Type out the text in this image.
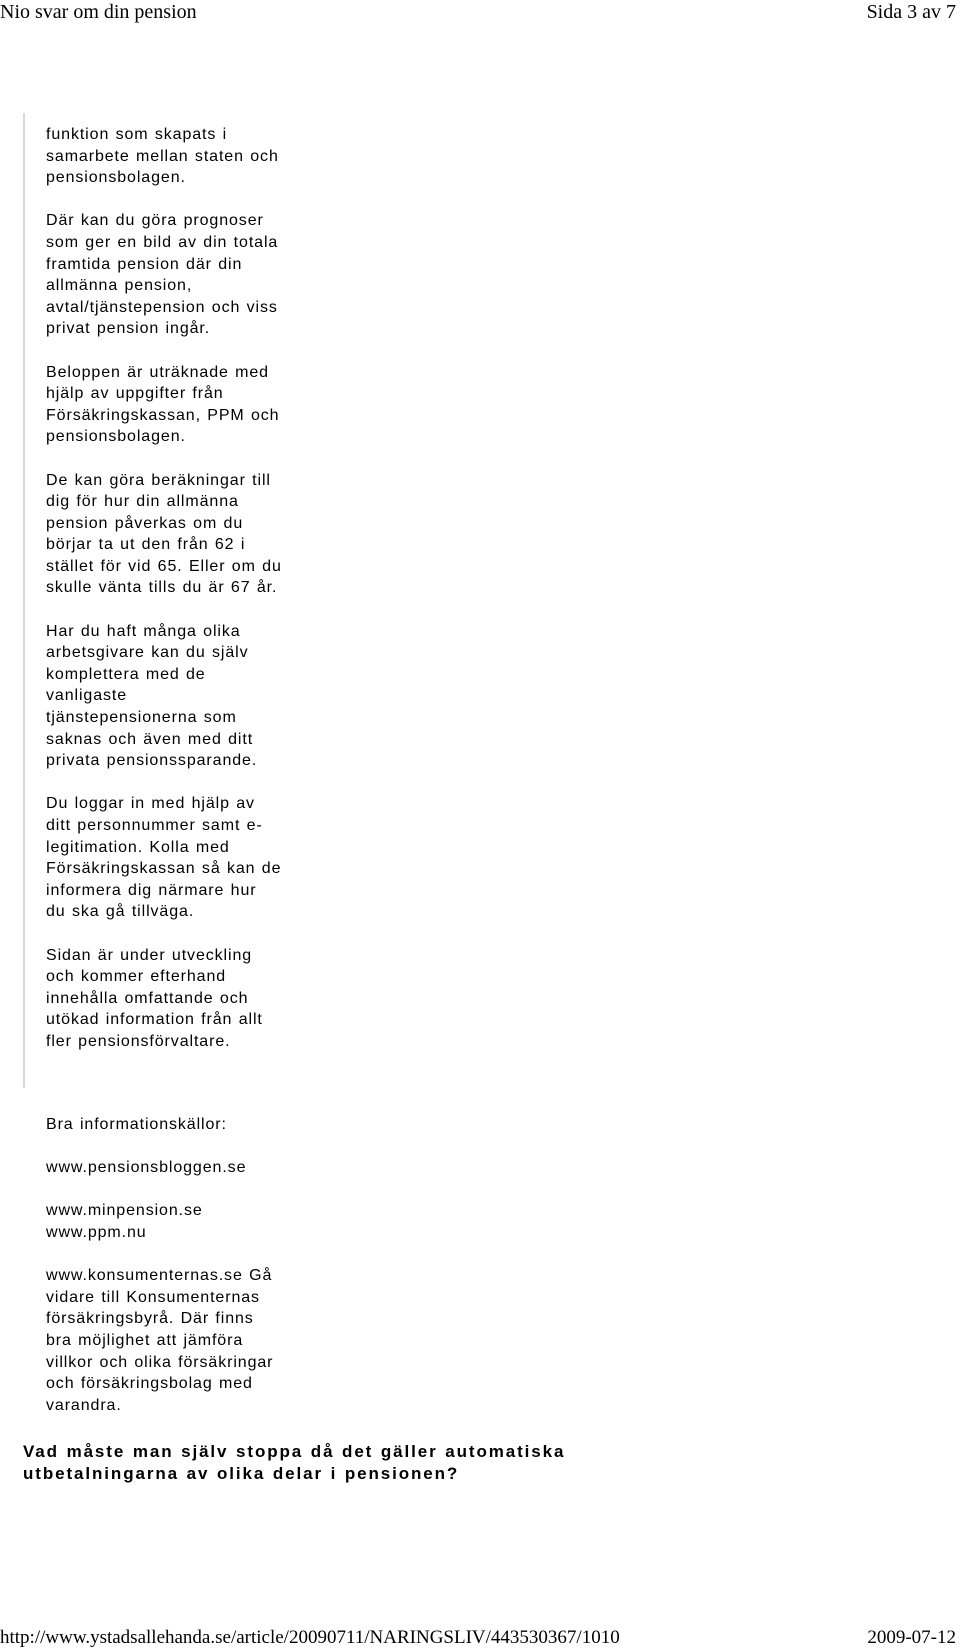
Nio svar om din pension	Sida 3 av 7

funktion som skapats i
samarbete mellan staten och
pensionsbolagen.

Där kan du göra prognoser
som ger en bild av din totala
framtida pension där din
allmänna pension,
avtal/tjänstepension och viss
privat pension ingår.

Beloppen är uträknade med
hjälp av uppgifter från
Försäkringskassan, PPM och
pensionsbolagen.

De kan göra beräkningar till
dig för hur din allmänna
pension påverkas om du
börjar ta ut den från 62 i
stället för vid 65. Eller om du
skulle vänta tills du är 67 år.

Har du haft många olika
arbetsgivare kan du själv
komplettera med de
vanligaste
tjänstepensionerna som
saknas och även med ditt
privata pensionssparande.

Du loggar in med hjälp av
ditt personnummer samt e-
legitimation. Kolla med
Försäkringskassan så kan de
informera dig närmare hur
du ska gå tillväga.

Sidan är under utveckling
och kommer efterhand
innehålla omfattande och
utökad information från allt
fler pensionsförvaltare.

Bra informationskällor:

www.pensionsbloggen.se

www.minpension.se
www.ppm.nu

www.konsumenternas.se Gå
vidare till Konsumenternas
försäkringsbyrå. Där finns
bra möjlighet att jämföra
villkor och olika försäkringar
och försäkringsbolag med
varandra.

Vad måste man själv stoppa då det gäller automatiska
utbetalningarna av olika delar i pensionen?
http://www.ystadsallehanda.se/article/20090711/NARINGSLIV/443530367/1010	2009-07-12
